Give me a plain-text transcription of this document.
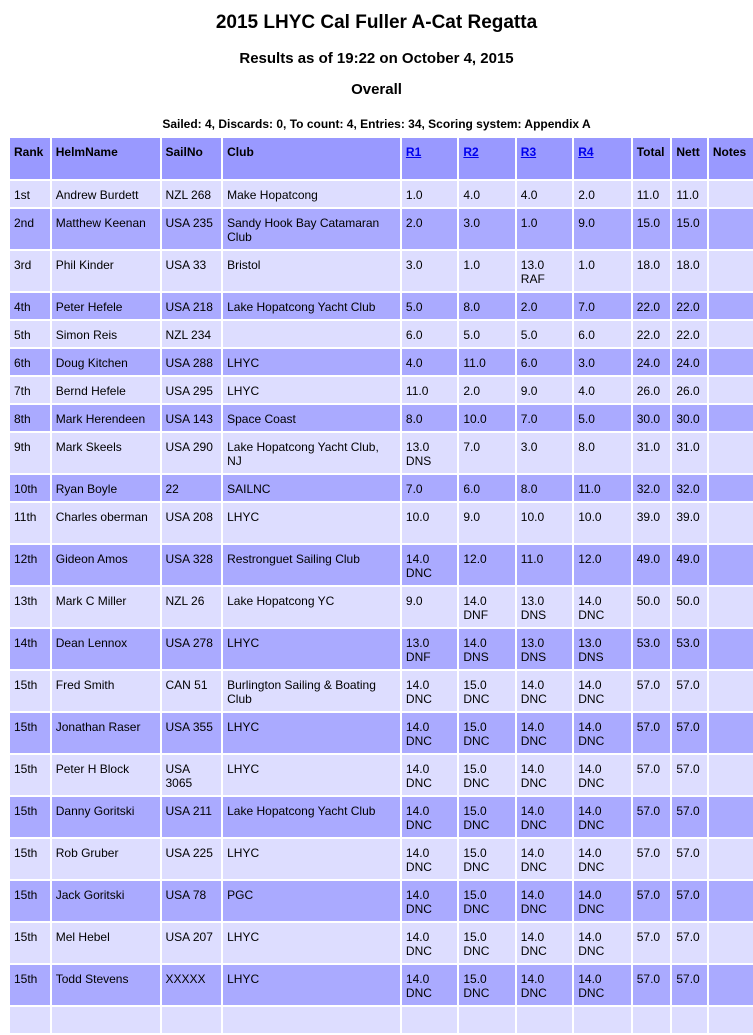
2015 LHYC Cal Fuller A-Cat Regatta
Results as of 19:22 on October 4, 2015
Overall
Sailed: 4, Discards: 0, To count: 4, Entries: 34, Scoring system: Appendix A
Rank	HelmName	SailNo	Club	R1	R2	R3	R4	Total	Nett	Notes
1st	Andrew Burdett	NZL 268	Make Hopatcong	1.0	4.0	4.0	2.0	11.0	11.0	
2nd	Matthew Keenan	USA 235	Sandy Hook Bay Catamaran Club	2.0	3.0	1.0	9.0	15.0	15.0	
3rd	Phil Kinder	USA 33	Bristol	3.0	1.0	13.0 RAF	1.0	18.0	18.0	
4th	Peter Hefele	USA 218	Lake Hopatcong Yacht Club	5.0	8.0	2.0	7.0	22.0	22.0	
5th	Simon Reis	NZL 234		6.0	5.0	5.0	6.0	22.0	22.0	
6th	Doug Kitchen	USA 288	LHYC	4.0	11.0	6.0	3.0	24.0	24.0	
7th	Bernd Hefele	USA 295	LHYC	11.0	2.0	9.0	4.0	26.0	26.0	
8th	Mark Herendeen	USA 143	Space Coast	8.0	10.0	7.0	5.0	30.0	30.0	
9th	Mark Skeels	USA 290	Lake Hopatcong Yacht Club, NJ	13.0 DNS	7.0	3.0	8.0	31.0	31.0	
10th	Ryan Boyle	22	SAILNC	7.0	6.0	8.0	11.0	32.0	32.0	
11th	Charles oberman	USA 208	LHYC	10.0	9.0	10.0	10.0	39.0	39.0	
12th	Gideon Amos	USA 328	Restronguet Sailing Club	14.0 DNC	12.0	11.0	12.0	49.0	49.0	
13th	Mark C Miller	NZL 26	Lake Hopatcong YC	9.0	14.0 DNF	13.0 DNS	14.0 DNC	50.0	50.0	
14th	Dean Lennox	USA 278	LHYC	13.0 DNF	14.0 DNS	13.0 DNS	13.0 DNS	53.0	53.0	
15th	Fred Smith	CAN 51	Burlington Sailing & Boating Club	14.0 DNC	15.0 DNC	14.0 DNC	14.0 DNC	57.0	57.0	
15th	Jonathan Raser	USA 355	LHYC	14.0 DNC	15.0 DNC	14.0 DNC	14.0 DNC	57.0	57.0	
15th	Peter H Block	USA 3065	LHYC	14.0 DNC	15.0 DNC	14.0 DNC	14.0 DNC	57.0	57.0	
15th	Danny Goritski	USA 211	Lake Hopatcong Yacht Club	14.0 DNC	15.0 DNC	14.0 DNC	14.0 DNC	57.0	57.0	
15th	Rob Gruber	USA 225	LHYC	14.0 DNC	15.0 DNC	14.0 DNC	14.0 DNC	57.0	57.0	
15th	Jack Goritski	USA 78	PGC	14.0 DNC	15.0 DNC	14.0 DNC	14.0 DNC	57.0	57.0	
15th	Mel Hebel	USA 207	LHYC	14.0 DNC	15.0 DNC	14.0 DNC	14.0 DNC	57.0	57.0	
15th	Todd Stevens	XXXXX	LHYC	14.0 DNC	15.0 DNC	14.0 DNC	14.0 DNC	57.0	57.0	
